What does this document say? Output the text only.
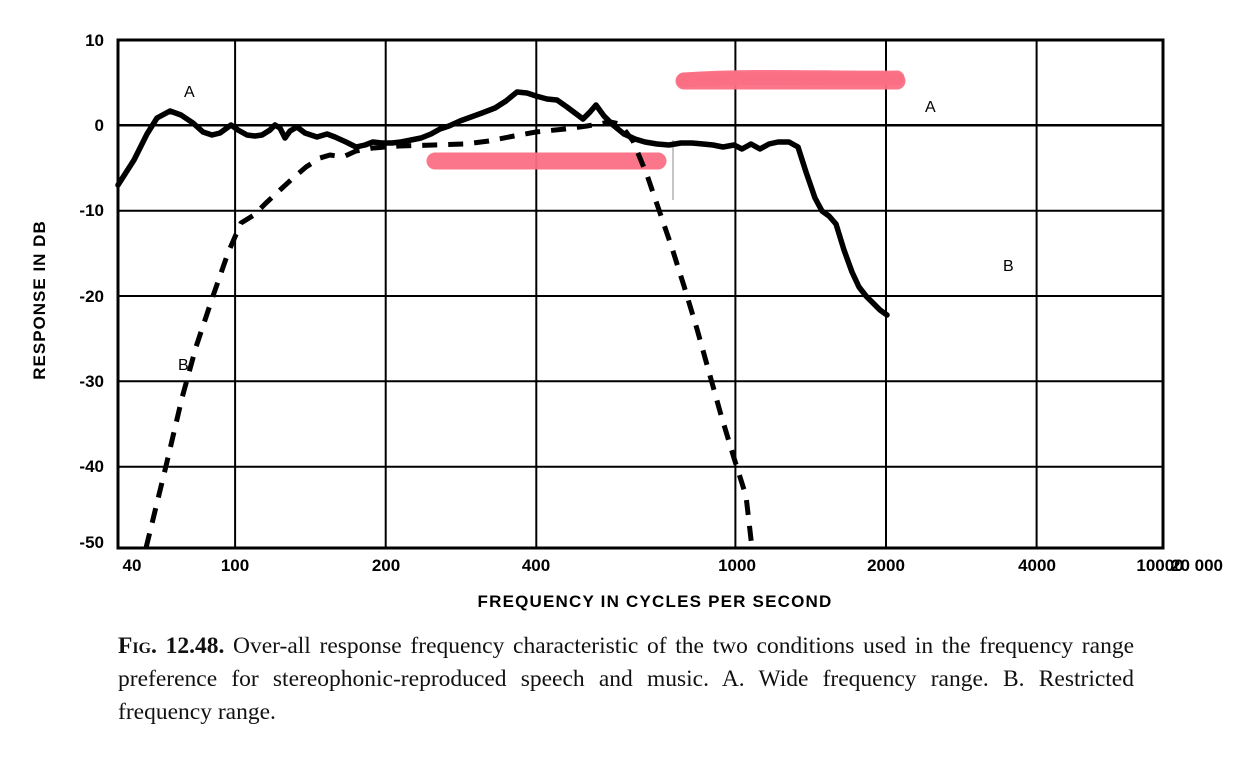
RESPONSE IN DB
10
0
-10
-20
-30
-40
-50
40	100	200	400	1000	2000	4000	10000
20 000
FREQUENCY IN CYCLES PER SECOND
A
A
B
B
Fig. 12.48. Over-all response frequency characteristic of the two conditions used in the frequency range preference for stereophonic-reproduced speech and music. A. Wide frequency range. B. Restricted frequency range.
